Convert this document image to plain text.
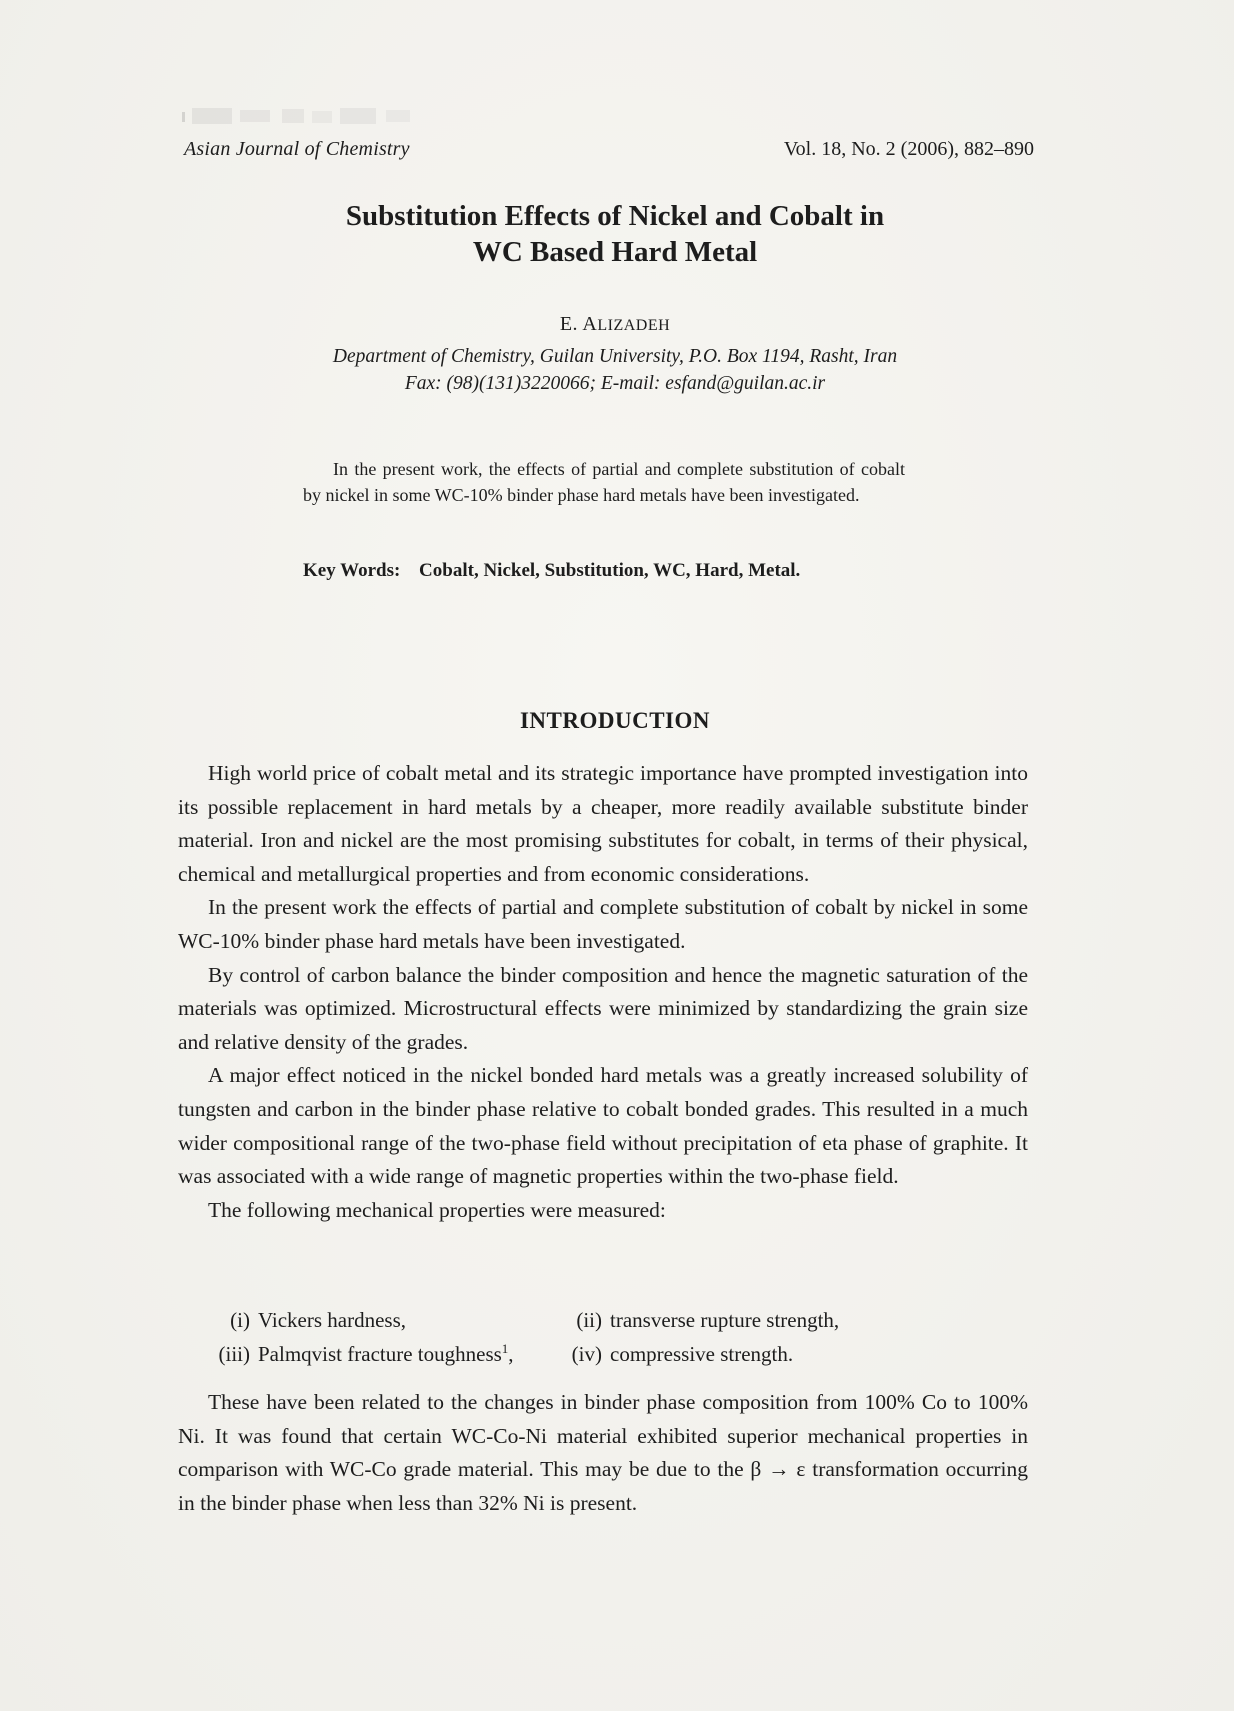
Asian Journal of Chemistry	Vol. 18, No. 2 (2006), 882–890
Substitution Effects of Nickel and Cobalt in
WC Based Hard Metal
E. ALIZADEH
Department of Chemistry, Guilan University, P.O. Box 1194, Rasht, Iran
Fax: (98)(131)3220066; E-mail: esfand@guilan.ac.ir
In the present work, the effects of partial and complete substitution of cobalt by nickel in some WC-10% binder phase hard metals have been investigated.
Key Words: Cobalt, Nickel, Substitution, WC, Hard, Metal.
INTRODUCTION

High world price of cobalt metal and its strategic importance have prompted investigation into its possible replacement in hard metals by a cheaper, more readily available substitute binder material. Iron and nickel are the most promising substitutes for cobalt, in terms of their physical, chemical and metallurgical properties and from economic considerations.

In the present work the effects of partial and complete substitution of cobalt by nickel in some WC-10% binder phase hard metals have been investigated.

By control of carbon balance the binder composition and hence the magnetic saturation of the materials was optimized. Microstructural effects were minimized by standardizing the grain size and relative density of the grades.

A major effect noticed in the nickel bonded hard metals was a greatly increased solubility of tungsten and carbon in the binder phase relative to cobalt bonded grades. This resulted in a much wider compositional range of the two-phase field without precipitation of eta phase of graphite. It was associated with a wide range of magnetic properties within the two-phase field.

The following mechanical properties were measured:

(i) Vickers hardness,	(ii) transverse rupture strength,
(iii) Palmqvist fracture toughness$^1$,	(iv) compressive strength.

These have been related to the changes in binder phase composition from 100% Co to 100% Ni. It was found that certain WC-Co-Ni material exhibited superior mechanical properties in comparison with WC-Co grade material. This may be due to the β → ε transformation occurring in the binder phase when less than 32% Ni is present.
